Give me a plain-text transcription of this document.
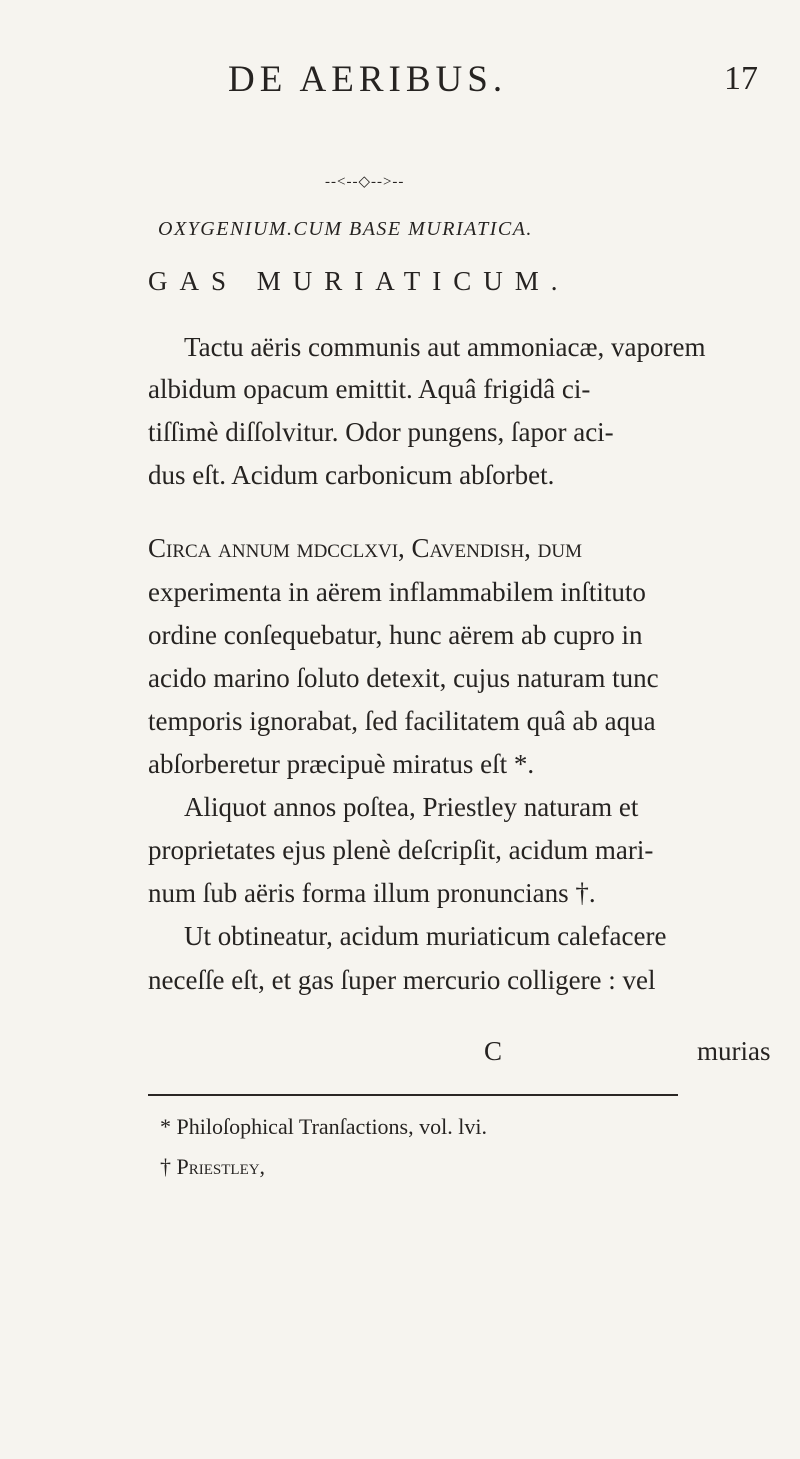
DE AERIBUS.	17
--<--◇-->--
OXYGENIUM.CUM BASE MURIATICA.
GAS MURIATICUM.
Tactu aëris communis aut ammoniacæ, vaporem
albidum opacum emittit. Aquâ frigidâ ci-
tiſſimè diſſolvitur. Odor pungens, ſapor aci-
dus eſt. Acidum carbonicum abſorbet.
Circa annum mdcclxvi, Cavendish, dum
experimenta in aërem inflammabilem inſtituto
ordine conſequebatur, hunc aërem ab cupro in
acido marino ſoluto detexit, cujus naturam tunc
temporis ignorabat, ſed facilitatem quâ ab aqua
abſorberetur præcipuè miratus eſt *.
Aliquot annos poſtea, Priestley naturam et
proprietates ejus plenè deſcripſit, acidum mari-
num ſub aëris forma illum pronuncians †.
Ut obtineatur, acidum muriaticum calefacere
neceſſe eſt, et gas ſuper mercurio colligere : vel
C	murias
* Philoſophical Tranſactions, vol. lvi.
† Priestley,
